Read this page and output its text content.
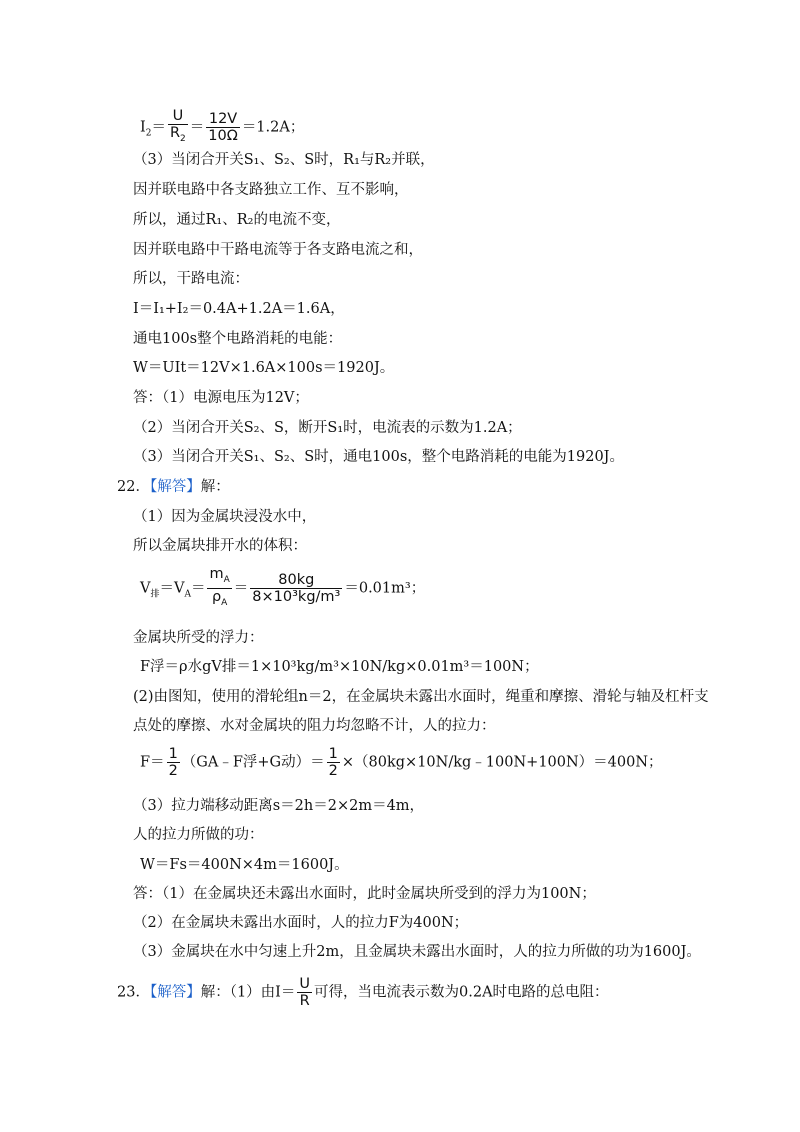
$I_2= \frac{U}{R_2} = \frac{12V}{10\Omega} =1.2A$；
（3）当闭合开关S₁、S₂、S时，R₁与R₂并联，
因并联电路中各支路独立工作、互不影响，
所以，通过R₁、R₂的电流不变，
因并联电路中干路电流等于各支路电流之和，
所以，干路电流：
I＝I₁+I₂＝0.4A+1.2A＝1.6A，
通电100s整个电路消耗的电能：
W＝UIt＝12V×1.6A×100s＝1920J。
答：（1）电源电压为12V；
（2）当闭合开关S₂、S，断开S₁时，电流表的示数为1.2A；
（3）当闭合开关S₁、S₂、S时，通电100s，整个电路消耗的电能为1920J。
22．【解答】解：
（1）因为金属块浸没水中，
所以金属块排开水的体积：
$V_排=V_A= \frac{m_A}{\rho_A} = \frac{80kg}{\text{8×10³kg/m³}} =0.01m^3$；
金属块所受的浮力：
F浮＝ρ水gV排＝1×10³kg/m³×10N/kg×0.01m³＝100N；
(2)由图知，使用的滑轮组n＝2，在金属块未露出水面时，绳重和摩擦、滑轮与轴及杠杆支
点处的摩擦、水对金属块的阻力均忽略不计，人的拉力：
$F= \frac{1}{2}$ （GA﹣F浮+G动）＝ $\frac{1}{2}$ ×（80kg×10N/kg﹣100N+100N）＝400N；
（3）拉力端移动距离s＝2h＝2×2m＝4m，
人的拉力所做的功：
W＝Fs＝400N×4m＝1600J。
答：（1）在金属块还未露出水面时，此时金属块所受到的浮力为100N；
（2）在金属块未露出水面时，人的拉力F为400N；
（3）金属块在水中匀速上升2m，且金属块未露出水面时，人的拉力所做的功为1600J。
23．【解答】解：（1）由$I= \frac{U}{R}$ 可得，当电流表示数为0.2A时电路的总电阻：
